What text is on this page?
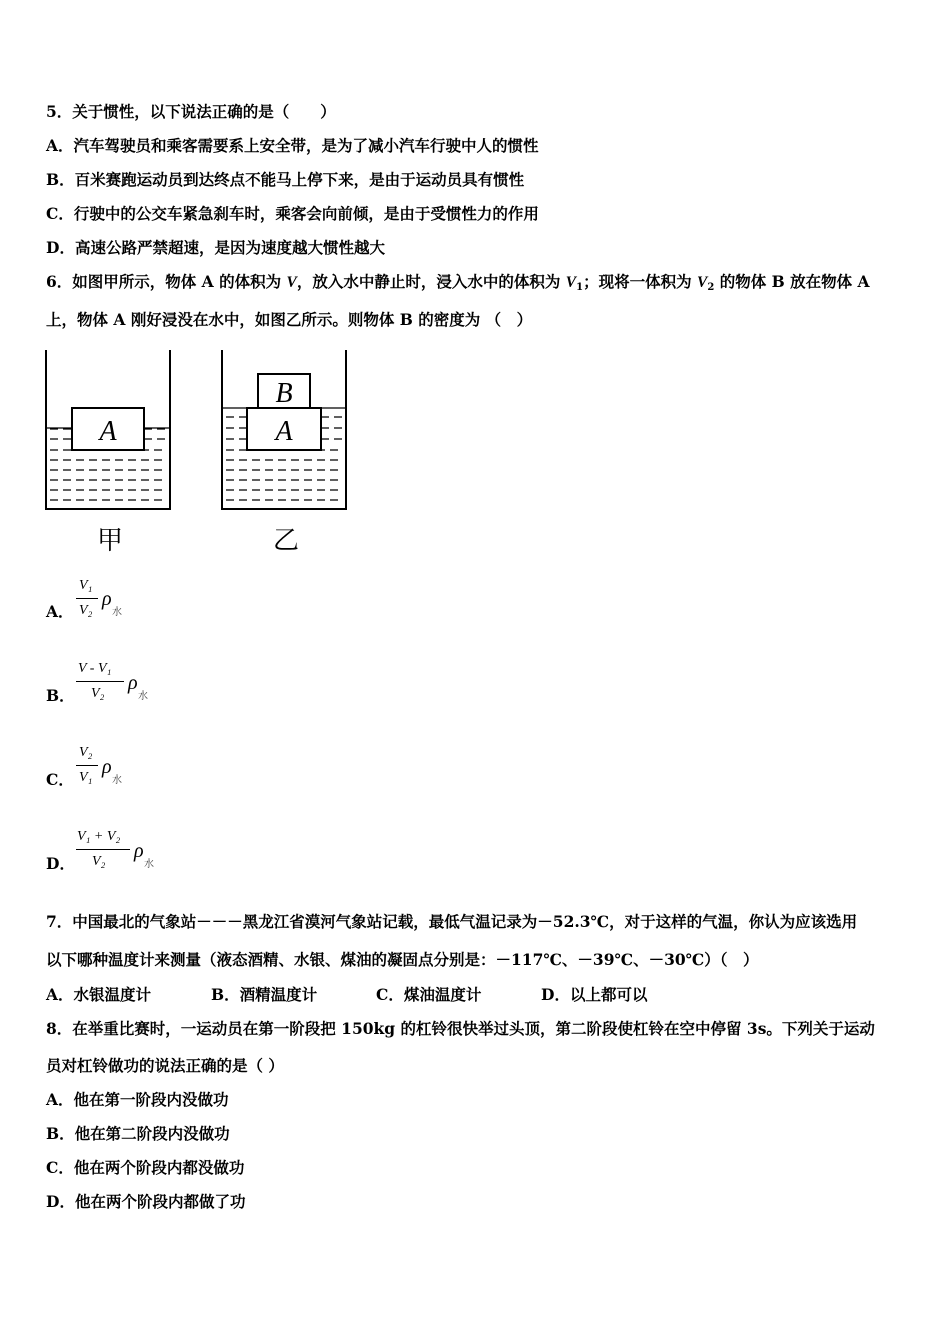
5．关于惯性，以下说法正确的是（　　）
A．汽车驾驶员和乘客需要系上安全带，是为了减小汽车行驶中人的惯性
B．百米赛跑运动员到达终点不能马上停下来，是由于运动员具有惯性
C．行驶中的公交车紧急刹车时，乘客会向前倾，是由于受惯性力的作用
D．高速公路严禁超速，是因为速度越大惯性越大
6．如图甲所示，物体 A 的体积为 V，放入水中静止时，浸入水中的体积为 $V_1$；现将一体积为 $V_2$ 的物体 B 放在物体 A
上，物体 A 刚好浸没在水中，如图乙所示。则物体 B 的密度为 （　）
A	A
B
甲	乙
A．
V₁
V₂
ρ
水
B．
V - V₁
V₂ ρ
水
C．
V₂
V₁ ρ
水
D．
V₁ + V₂
V₂ ρ
水
7．中国最北的气象站－－－黑龙江省漠河气象站记载，最低气温记录为－52.3℃，对于这样的气温，你认为应该选用
以下哪种温度计来测量（液态酒精、水银、煤油的凝固点分别是：－117℃、－39℃、－30℃）（　）
A．水银温度计	B．酒精温度计	C．煤油温度计	D．以上都可以
8．在举重比赛时，一运动员在第一阶段把 150kg 的杠铃很快举过头顶，第二阶段使杠铃在空中停留 3s。下列关于运动
员对杠铃做功的说法正确的是（ ）
A．他在第一阶段内没做功
B．他在第二阶段内没做功
C．他在两个阶段内都没做功
D．他在两个阶段内都做了功
